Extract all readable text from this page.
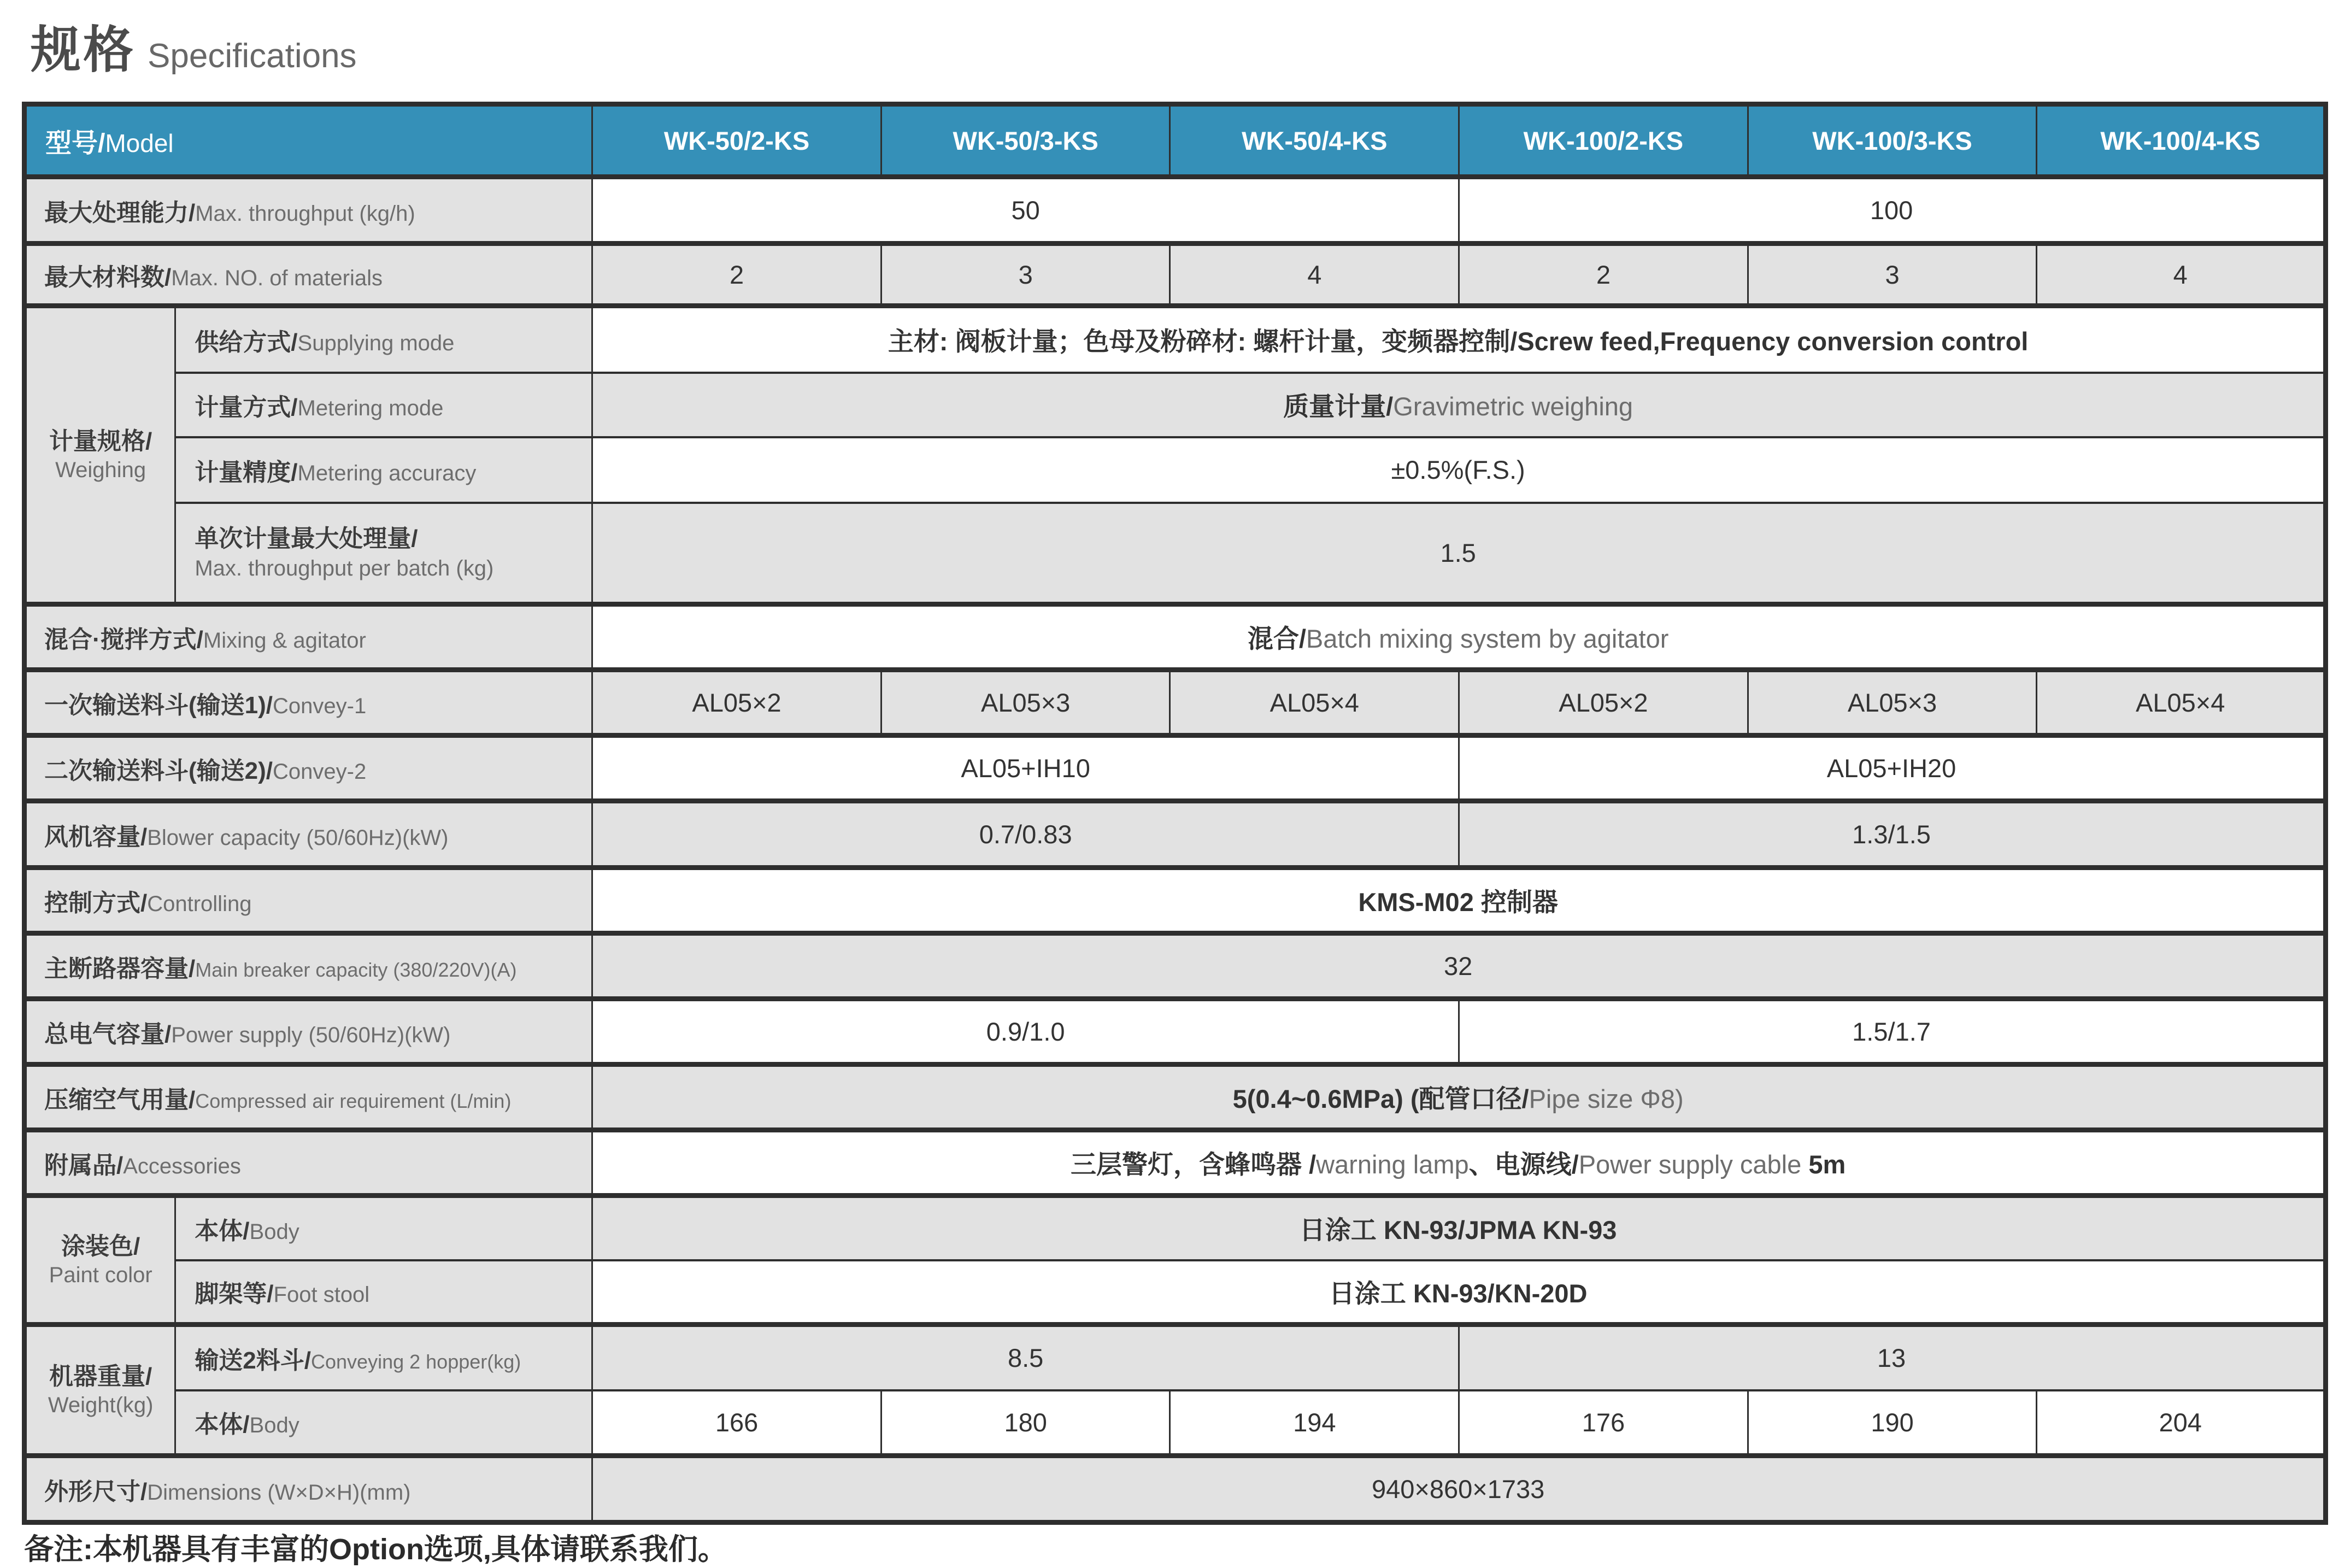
规格 Specifications
型号/Model		WK-50/2-KS	WK-50/3-KS	WK-50/4-KS	WK-100/2-KS	WK-100/3-KS	WK-100/4-KS
最大处理能力/Max. throughput (kg/h)		50			100		
最大材料数/Max. NO. of materials		2	3	4	2	3	4

计量规格/
Weighing	供给方式/Supplying mode	主材: 阀板计量；色母及粉碎材: 螺杆计量，变频器控制/Screw feed,Frequency conversion control					
	计量方式/Metering mode	质量计量/Gravimetric weighing					
	计量精度/Metering accuracy	±0.5%(F.S.)					

	单次计量最大处理量/
Max. throughput per batch (kg)	1.5					
混合·搅拌方式/Mixing & agitator		混合/Batch mixing system by agitator					
一次输送料斗(输送1)/Convey-1		AL05×2	AL05×3	AL05×4	AL05×2	AL05×3	AL05×4
二次输送料斗(输送2)/Convey-2		AL05+IH10			AL05+IH20		
风机容量/Blower capacity (50/60Hz)(kW)		0.7/0.83			1.3/1.5		
控制方式/Controlling		KMS-M02 控制器					
主断路器容量/Main breaker capacity (380/220V)(A)		32					
总电气容量/Power supply (50/60Hz)(kW)		0.9/1.0			1.5/1.7		
压缩空气用量/Compressed air requirement (L/min)		5(0.4~0.6MPa) (配管口径/Pipe size Φ8)					
附属品/Accessories		三层警灯，含蜂鸣器 /warning lamp、电源线/Power supply cable 5m					

涂装色/
Paint color	本体/Body	日涂工 KN-93/JPMA KN-93					
	脚架等/Foot stool	日涂工 KN-93/KN-20D					

机器重量/
Weight(kg)	输送2料斗/Conveying 2 hopper(kg)	8.5			13		
	本体/Body	166	180	194	176	190	204
外形尺寸/Dimensions (W×D×H)(mm)		940×860×1733					
备注:本机器具有丰富的Option选项,具体请联系我们。
